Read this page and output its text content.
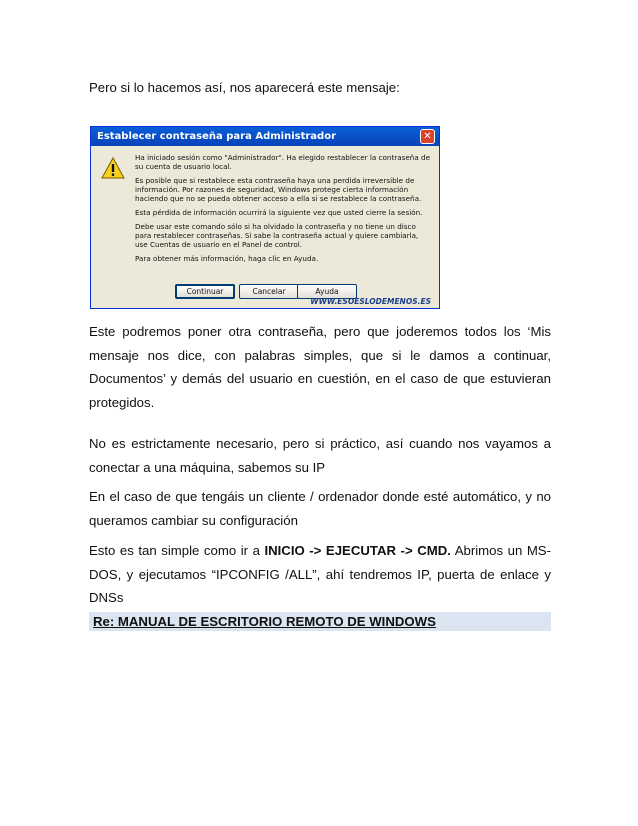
Pero si lo hacemos así, nos aparecerá este mensaje:

Establecer contraseña para Administrador	✕

Ha iniciado sesión como "Administrador". Ha elegido restablecer la contraseña de su cuenta de usuario local.

Es posible que si restablece esta contraseña haya una perdida irreversible de información. Por razones de seguridad, Windows protege cierta información haciendo que no se pueda obtener acceso a ella si se restablece la contraseña.

Esta pérdida de información ocurrirá la siguiente vez que usted cierre la sesión.

Debe usar este comando sólo si ha olvidado la contraseña y no tiene un disco para restablecer contraseñas. Si sabe la contraseña actual y quiere cambiarla, use Cuentas de usuario en el Panel de control.

Para obtener más información, haga clic en Ayuda.

Continuar	Cancelar	Ayuda
WWW.ESOESLODEMENOS.ES

Este podremos poner otra contraseña, pero que joderemos todos los ‘Mis mensaje nos dice, con palabras simples, que si le damos a continuar, Documentos’ y demás del usuario en cuestión, en el caso de que estuvieran protegidos.

No es estrictamente necesario, pero si práctico, así cuando nos vayamos a conectar a una máquina, sabemos su IP

En el caso de que tengáis un cliente / ordenador donde esté automático, y no queramos cambiar su configuración

Esto es tan simple como ir a INICIO -> EJECUTAR -> CMD. Abrimos un MS-DOS, y ejecutamos “IPCONFIG /ALL”, ahí tendremos IP, puerta de enlace y DNSs

Re: MANUAL DE ESCRITORIO REMOTO DE WINDOWS
